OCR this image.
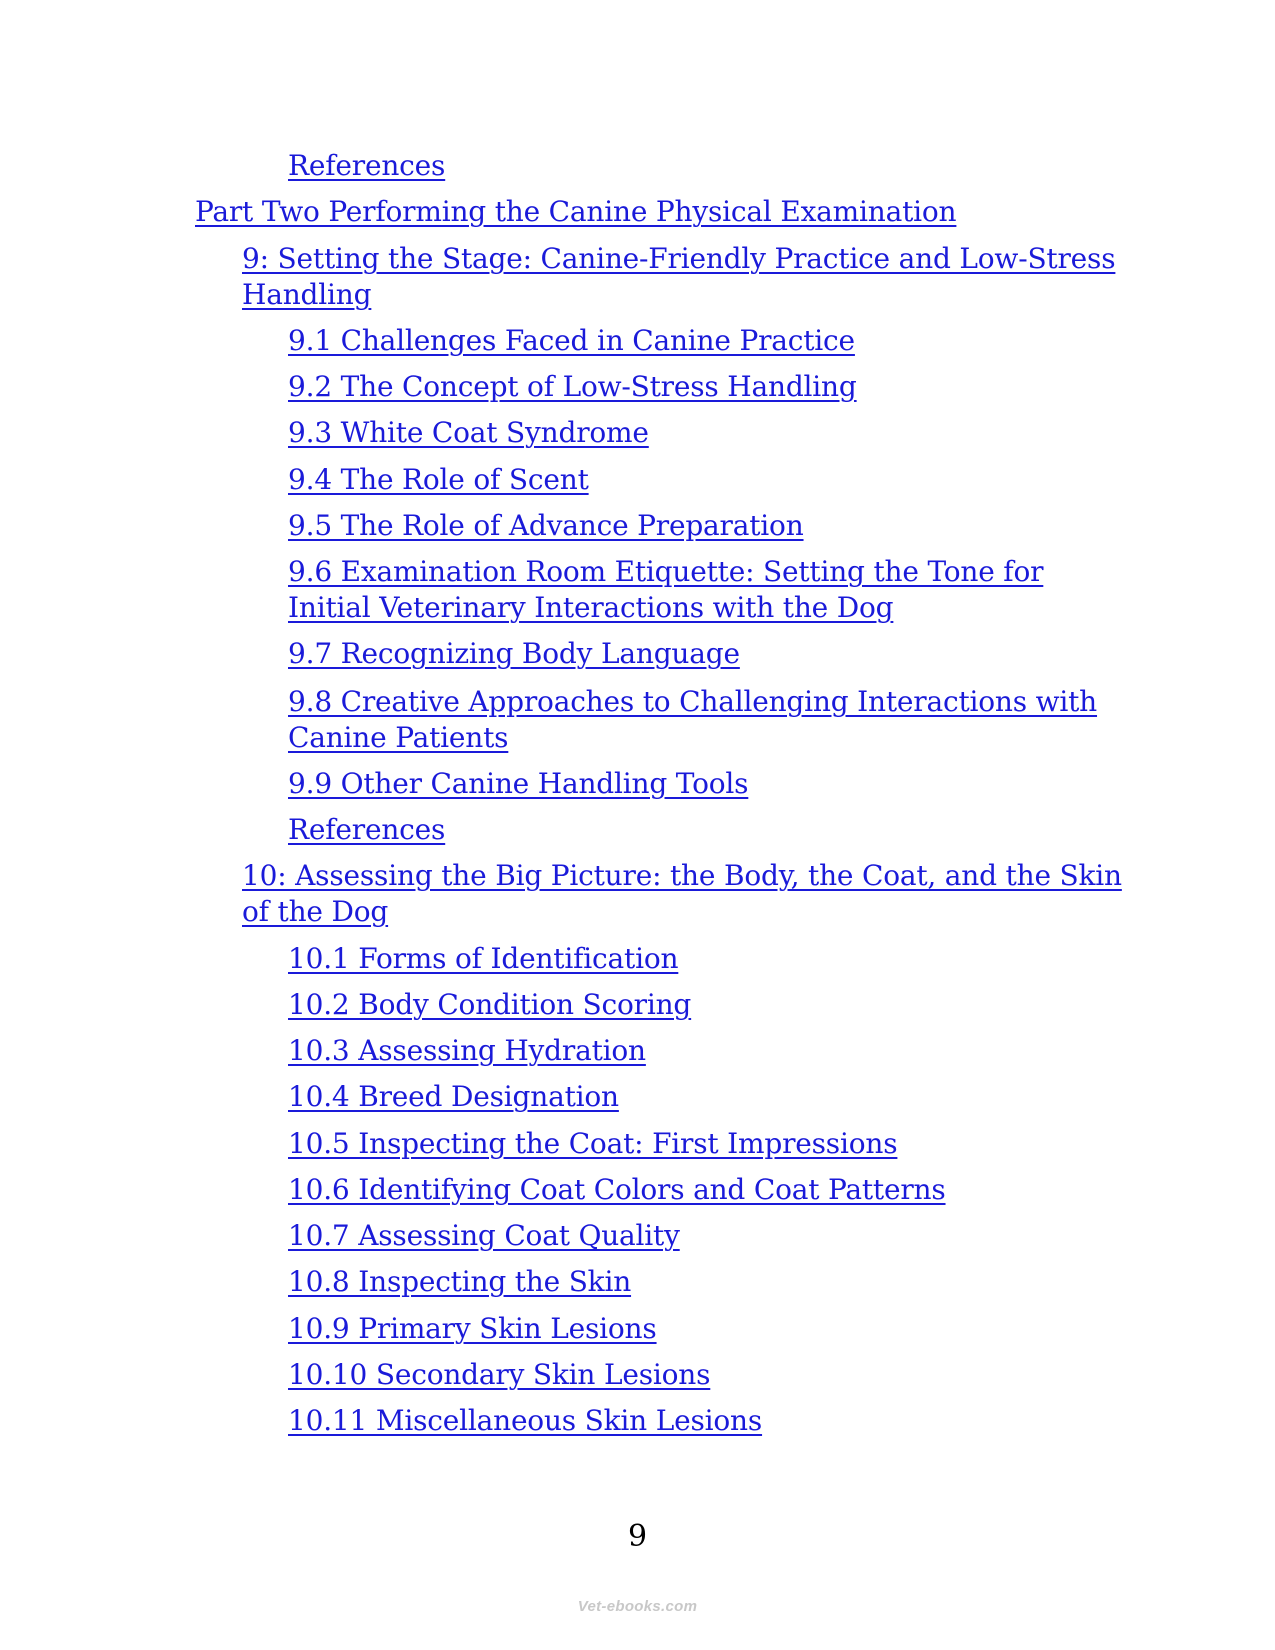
References
Part Two Performing the Canine Physical Examination
9: Setting the Stage: Canine-Friendly Practice and Low-Stress
Handling
9.1 Challenges Faced in Canine Practice
9.2 The Concept of Low-Stress Handling
9.3 White Coat Syndrome
9.4 The Role of Scent
9.5 The Role of Advance Preparation
9.6 Examination Room Etiquette: Setting the Tone for
Initial Veterinary Interactions with the Dog
9.7 Recognizing Body Language
9.8 Creative Approaches to Challenging Interactions with
Canine Patients
9.9 Other Canine Handling Tools
References
10: Assessing the Big Picture: the Body, the Coat, and the Skin
of the Dog
10.1 Forms of Identification
10.2 Body Condition Scoring
10.3 Assessing Hydration
10.4 Breed Designation
10.5 Inspecting the Coat: First Impressions
10.6 Identifying Coat Colors and Coat Patterns
10.7 Assessing Coat Quality
10.8 Inspecting the Skin
10.9 Primary Skin Lesions
10.10 Secondary Skin Lesions
10.11 Miscellaneous Skin Lesions
9
Vet-ebooks.com
